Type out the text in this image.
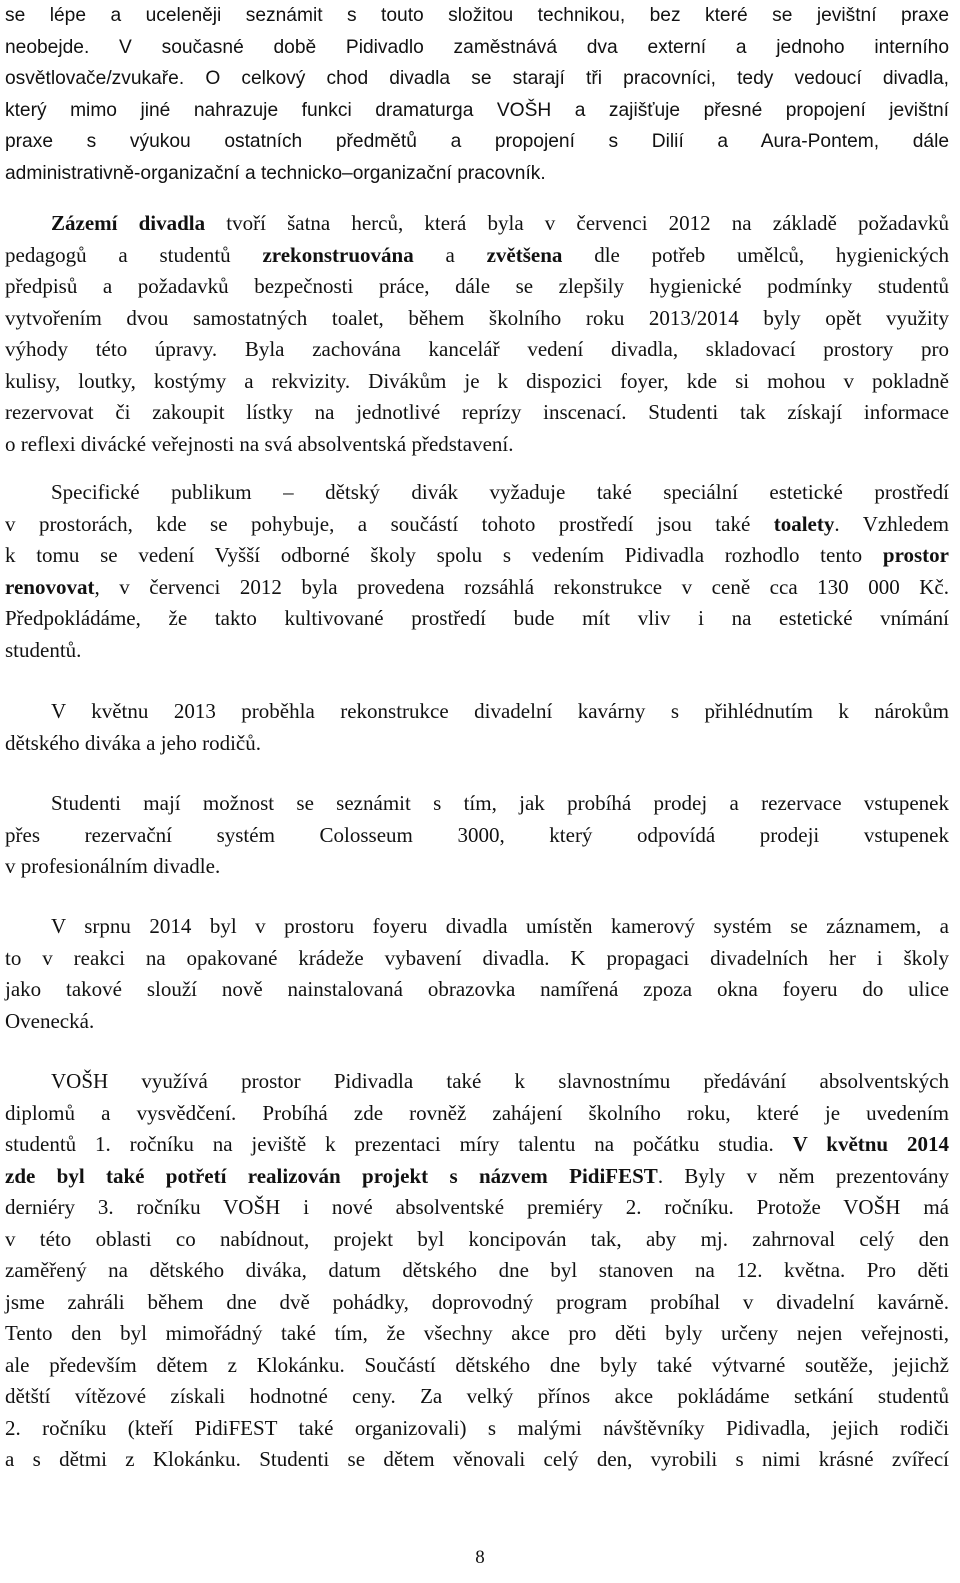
se lépe a uceleněji seznámit s touto složitou technikou, bez které se jevištní praxe
neobejde. V současné době Pidivadlo zaměstnává dva externí a jednoho interního
osvětlovače/zvukaře. O celkový chod divadla se starají tři pracovníci, tedy vedoucí divadla,
který mimo jiné nahrazuje funkci dramaturga VOŠH a zajišťuje přesné propojení jevištní
praxe s výukou ostatních předmětů a propojení s Dilií a Aura-Pontem, dále
administrativně-organizační a technicko–organizační pracovník.
Zázemí divadla tvoří šatna herců, která byla v červenci 2012 na základě požadavků
pedagogů a studentů zrekonstruována a zvětšena dle potřeb umělců, hygienických
předpisů a požadavků bezpečnosti práce, dále se zlepšily hygienické podmínky studentů
vytvořením dvou samostatných toalet, během školního roku 2013/2014 byly opět využity
výhody této úpravy. Byla zachována kancelář vedení divadla, skladovací prostory pro
kulisy, loutky, kostýmy a rekvizity. Divákům je k dispozici foyer, kde si mohou v pokladně
rezervovat či zakoupit lístky na jednotlivé reprízy inscenací. Studenti tak získají informace
o reflexi divácké veřejnosti na svá absolventská představení.
Specifické publikum – dětský divák vyžaduje také speciální estetické prostředí
v prostorách, kde se pohybuje, a součástí tohoto prostředí jsou také toalety. Vzhledem
k tomu se vedení Vyšší odborné školy spolu s vedením Pidivadla rozhodlo tento prostor
renovovat, v červenci 2012 byla provedena rozsáhlá rekonstrukce v ceně cca 130 000 Kč.
Předpokládáme, že takto kultivované prostředí bude mít vliv i na estetické vnímání
studentů.
V květnu 2013 proběhla rekonstrukce divadelní kavárny s přihlédnutím k nárokům
dětského diváka a jeho rodičů.
Studenti mají možnost se seznámit s tím, jak probíhá prodej a rezervace vstupenek
přes rezervační systém Colosseum 3000, který odpovídá prodeji vstupenek
v profesionálním divadle.
V srpnu 2014 byl v prostoru foyeru divadla umístěn kamerový systém se záznamem, a
to v reakci na opakované krádeže vybavení divadla. K propagaci divadelních her i školy
jako takové slouží nově nainstalovaná obrazovka namířená zpoza okna foyeru do ulice
Ovenecká.
VOŠH využívá prostor Pidivadla také k slavnostnímu předávání absolventských
diplomů a vysvědčení. Probíhá zde rovněž zahájení školního roku, které je uvedením
studentů 1. ročníku na jeviště k prezentaci míry talentu na počátku studia. V květnu 2014
zde byl také potřetí realizován projekt s názvem PidiFEST. Byly v něm prezentovány
derniéry 3. ročníku VOŠH i nové absolventské premiéry 2. ročníku. Protože VOŠH má
v této oblasti co nabídnout, projekt byl koncipován tak, aby mj. zahrnoval celý den
zaměřený na dětského diváka, datum dětského dne byl stanoven na 12. května. Pro děti
jsme zahráli během dne dvě pohádky, doprovodný program probíhal v divadelní kavárně.
Tento den byl mimořádný také tím, že všechny akce pro děti byly určeny nejen veřejnosti,
ale především dětem z Klokánku. Součástí dětského dne byly také výtvarné soutěže, jejichž
dětští vítězové získali hodnotné ceny. Za velký přínos akce pokládáme setkání studentů
2. ročníku (kteří PidiFEST také organizovali) s malými návštěvníky Pidivadla, jejich rodiči
a s dětmi z Klokánku. Studenti se dětem věnovali celý den, vyrobili s nimi krásné zvířecí
8
